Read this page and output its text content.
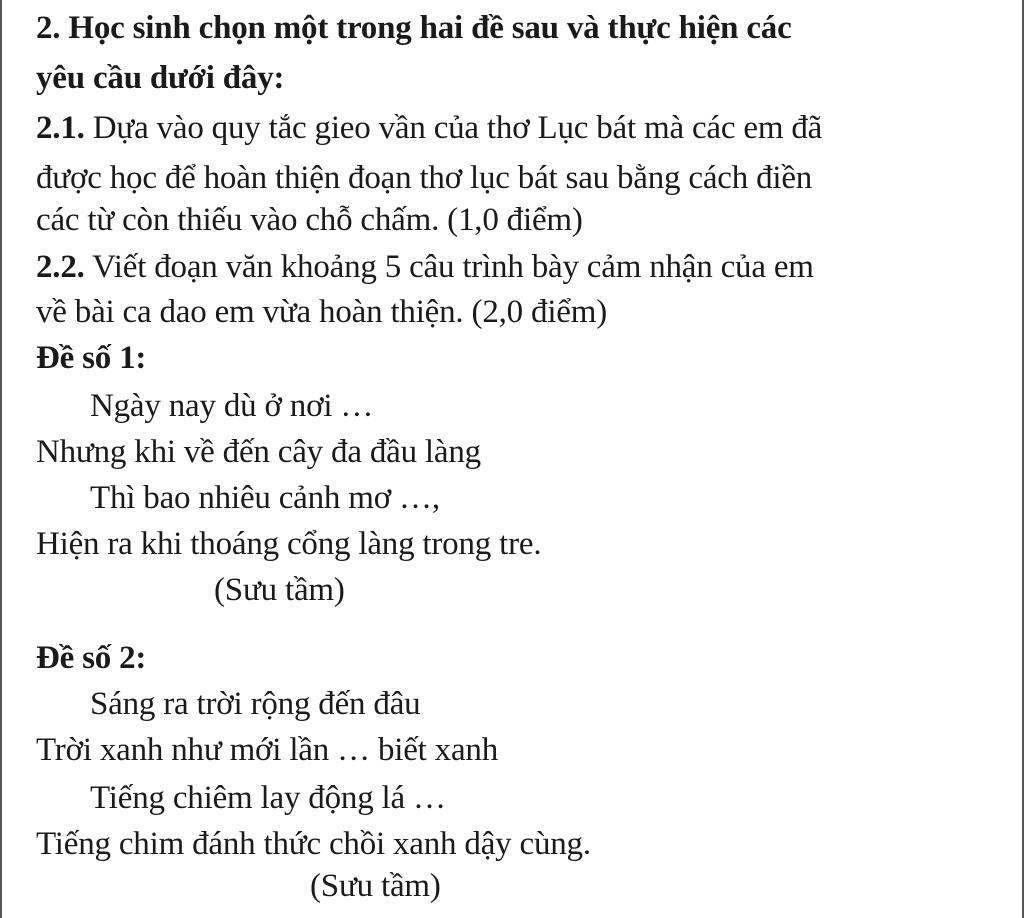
2. Học sinh chọn một trong hai đề sau và thực hiện các
yêu cầu dưới đây:
2.1. Dựa vào quy tắc gieo vần của thơ Lục bát mà các em đã
được học để hoàn thiện đoạn thơ lục bát sau bằng cách điền
các từ còn thiếu vào chỗ chấm. (1,0 điểm)
2.2. Viết đoạn văn khoảng 5 câu trình bày cảm nhận của em
về bài ca dao em vừa hoàn thiện. (2,0 điểm)
Đề số 1:
Ngày nay dù ở nơi …
Nhưng khi về đến cây đa đầu làng
Thì bao nhiêu cảnh mơ …,
Hiện ra khi thoáng cổng làng trong tre.
(Sưu tầm)
Đề số 2:
Sáng ra trời rộng đến đâu
Trời xanh như mới lần … biết xanh
Tiếng chiêm lay động lá …
Tiếng chim đánh thức chồi xanh dậy cùng.
(Sưu tầm)
